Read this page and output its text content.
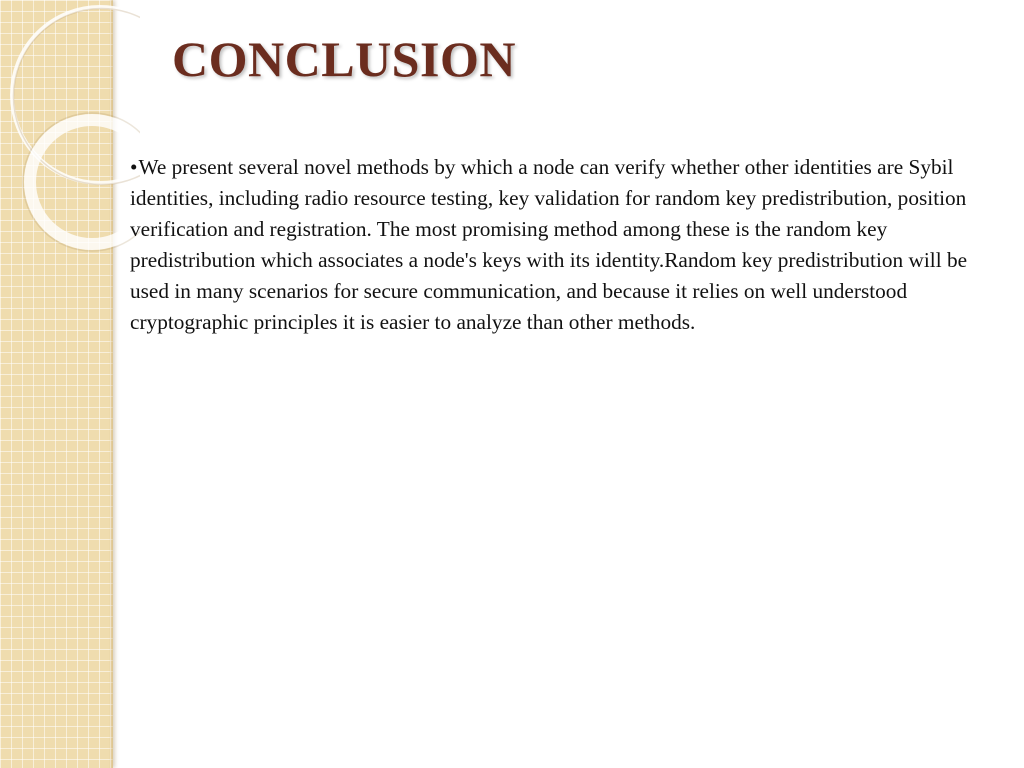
CONCLUSION

•We present several novel methods by which a node can verify whether other identities are Sybil identities, including radio resource testing, key validation for random key predistribution, position verification and registration. The most promising method among these is the random key predistribution which associates a node's keys with its identity.Random key predistribution will be used in many scenarios for secure communication, and because it relies on well understood cryptographic principles it is easier to analyze than other methods.
